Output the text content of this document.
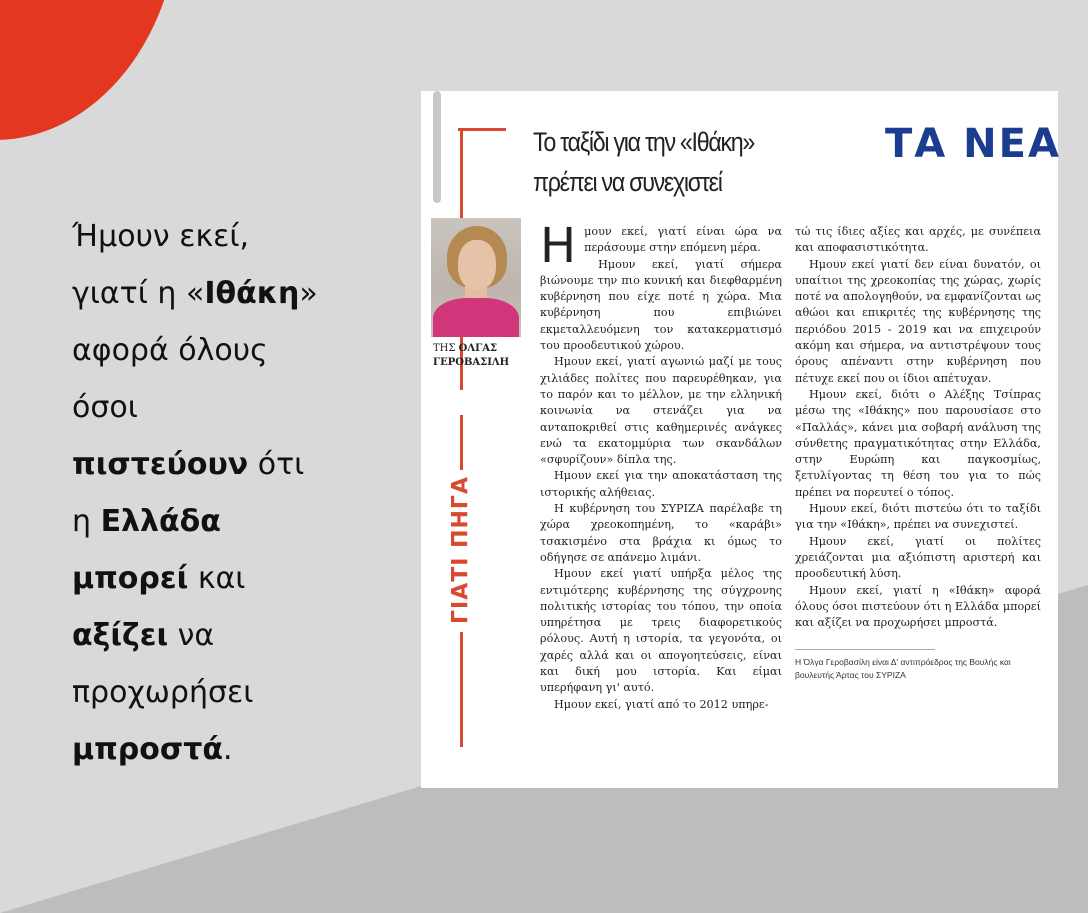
Ήμουν εκεί,
γιατί η «Ιθάκη»
αφορά όλους
όσοι
πιστεύουν ότι
η Ελλάδα
μπορεί και
αξίζει να
προχωρήσει
μπροστά.
Το ταξίδι για την «Ιθάκη»
πρέπει να συνεχιστεί
ΤΑ ΝΕΑ
ΤΗΣ ΟΛΓΑΣ
ΓΕΡΟΒΑΣΙΛΗ
ΓΙΑΤΙ ΠΗΓΑ

Ημουν εκεί, γιατί είναι ώρα να περάσουμε στην επόμενη μέρα.

Ημουν εκεί, γιατί σήμερα βιώνουμε την πιο κυνική και διεφθαρμένη κυβέρνηση που είχε ποτέ η χώρα. Μια κυβέρνηση που επιβιώνει εκμεταλλευόμενη τον κατακερματισμό του προοδευτικού χώρου.

Ημουν εκεί, γιατί αγωνιώ μαζί με τους χιλιάδες πολίτες που παρευρέθηκαν, για το παρόν και το μέλλον, με την ελληνική κοινωνία να στενάζει για να ανταποκριθεί στις καθημερινές ανάγκες ενώ τα εκατομμύρια των σκανδάλων «σφυρίζουν» δίπλα της.

Ημουν εκεί για την αποκατάσταση της ιστορικής αλήθειας.

Η κυβέρνηση του ΣΥΡΙΖΑ παρέλαβε τη χώρα χρεοκοπημένη, το «καράβι» τσακισμένο στα βράχια κι όμως το οδήγησε σε απάνεμο λιμάνι.

Ημουν εκεί γιατί υπήρξα μέλος της εντιμότερης κυβέρνησης της σύγχρονης πολιτικής ιστορίας του τόπου, την οποία υπηρέτησα με τρεις διαφορετικούς ρόλους. Αυτή η ιστορία, τα γεγονότα, οι χαρές αλλά και οι απογοητεύσεις, είναι και δική μου ιστορία. Και είμαι υπερήφανη γι' αυτό.

Ημουν εκεί, γιατί από το 2012 υπηρε-

τώ τις ίδιες αξίες και αρχές, με συνέπεια και αποφασιστικότητα.

Ημουν εκεί γιατί δεν είναι δυνατόν, οι υπαίτιοι της χρεοκοπίας της χώρας, χωρίς ποτέ να απολογηθούν, να εμφανίζονται ως αθώοι και επικριτές της κυβέρνησης της περιόδου 2015 - 2019 και να επιχειρούν ακόμη και σήμερα, να αντιστρέψουν τους όρους απέναντι στην κυβέρνηση που πέτυχε εκεί που οι ίδιοι απέτυχαν.

Ημουν εκεί, διότι ο Αλέξης Τσίπρας μέσω της «Ιθάκης» που παρουσίασε στο «Παλλάς», κάνει μια σοβαρή ανάλυση της σύνθετης πραγματικότητας στην Ελλάδα, στην Ευρώπη και παγκοσμίως, ξετυλίγοντας τη θέση του για το πώς πρέπει να πορευτεί ο τόπος.

Ημουν εκεί, διότι πιστεύω ότι το ταξίδι για την «Ιθάκη», πρέπει να συνεχιστεί.

Ημουν εκεί, γιατί οι πολίτες χρειάζονται μια αξιόπιστη αριστερή και προοδευτική λύση.

Ημουν εκεί, γιατί η «Ιθάκη» αφορά όλους όσοι πιστεύουν ότι η Ελλάδα μπορεί και αξίζει να προχωρήσει μπροστά.

Η Όλγα Γεροβασίλη είναι Δ' αντιπρόεδρος της Βουλής και βουλευτής Άρτας του ΣΥΡΙΖΑ
